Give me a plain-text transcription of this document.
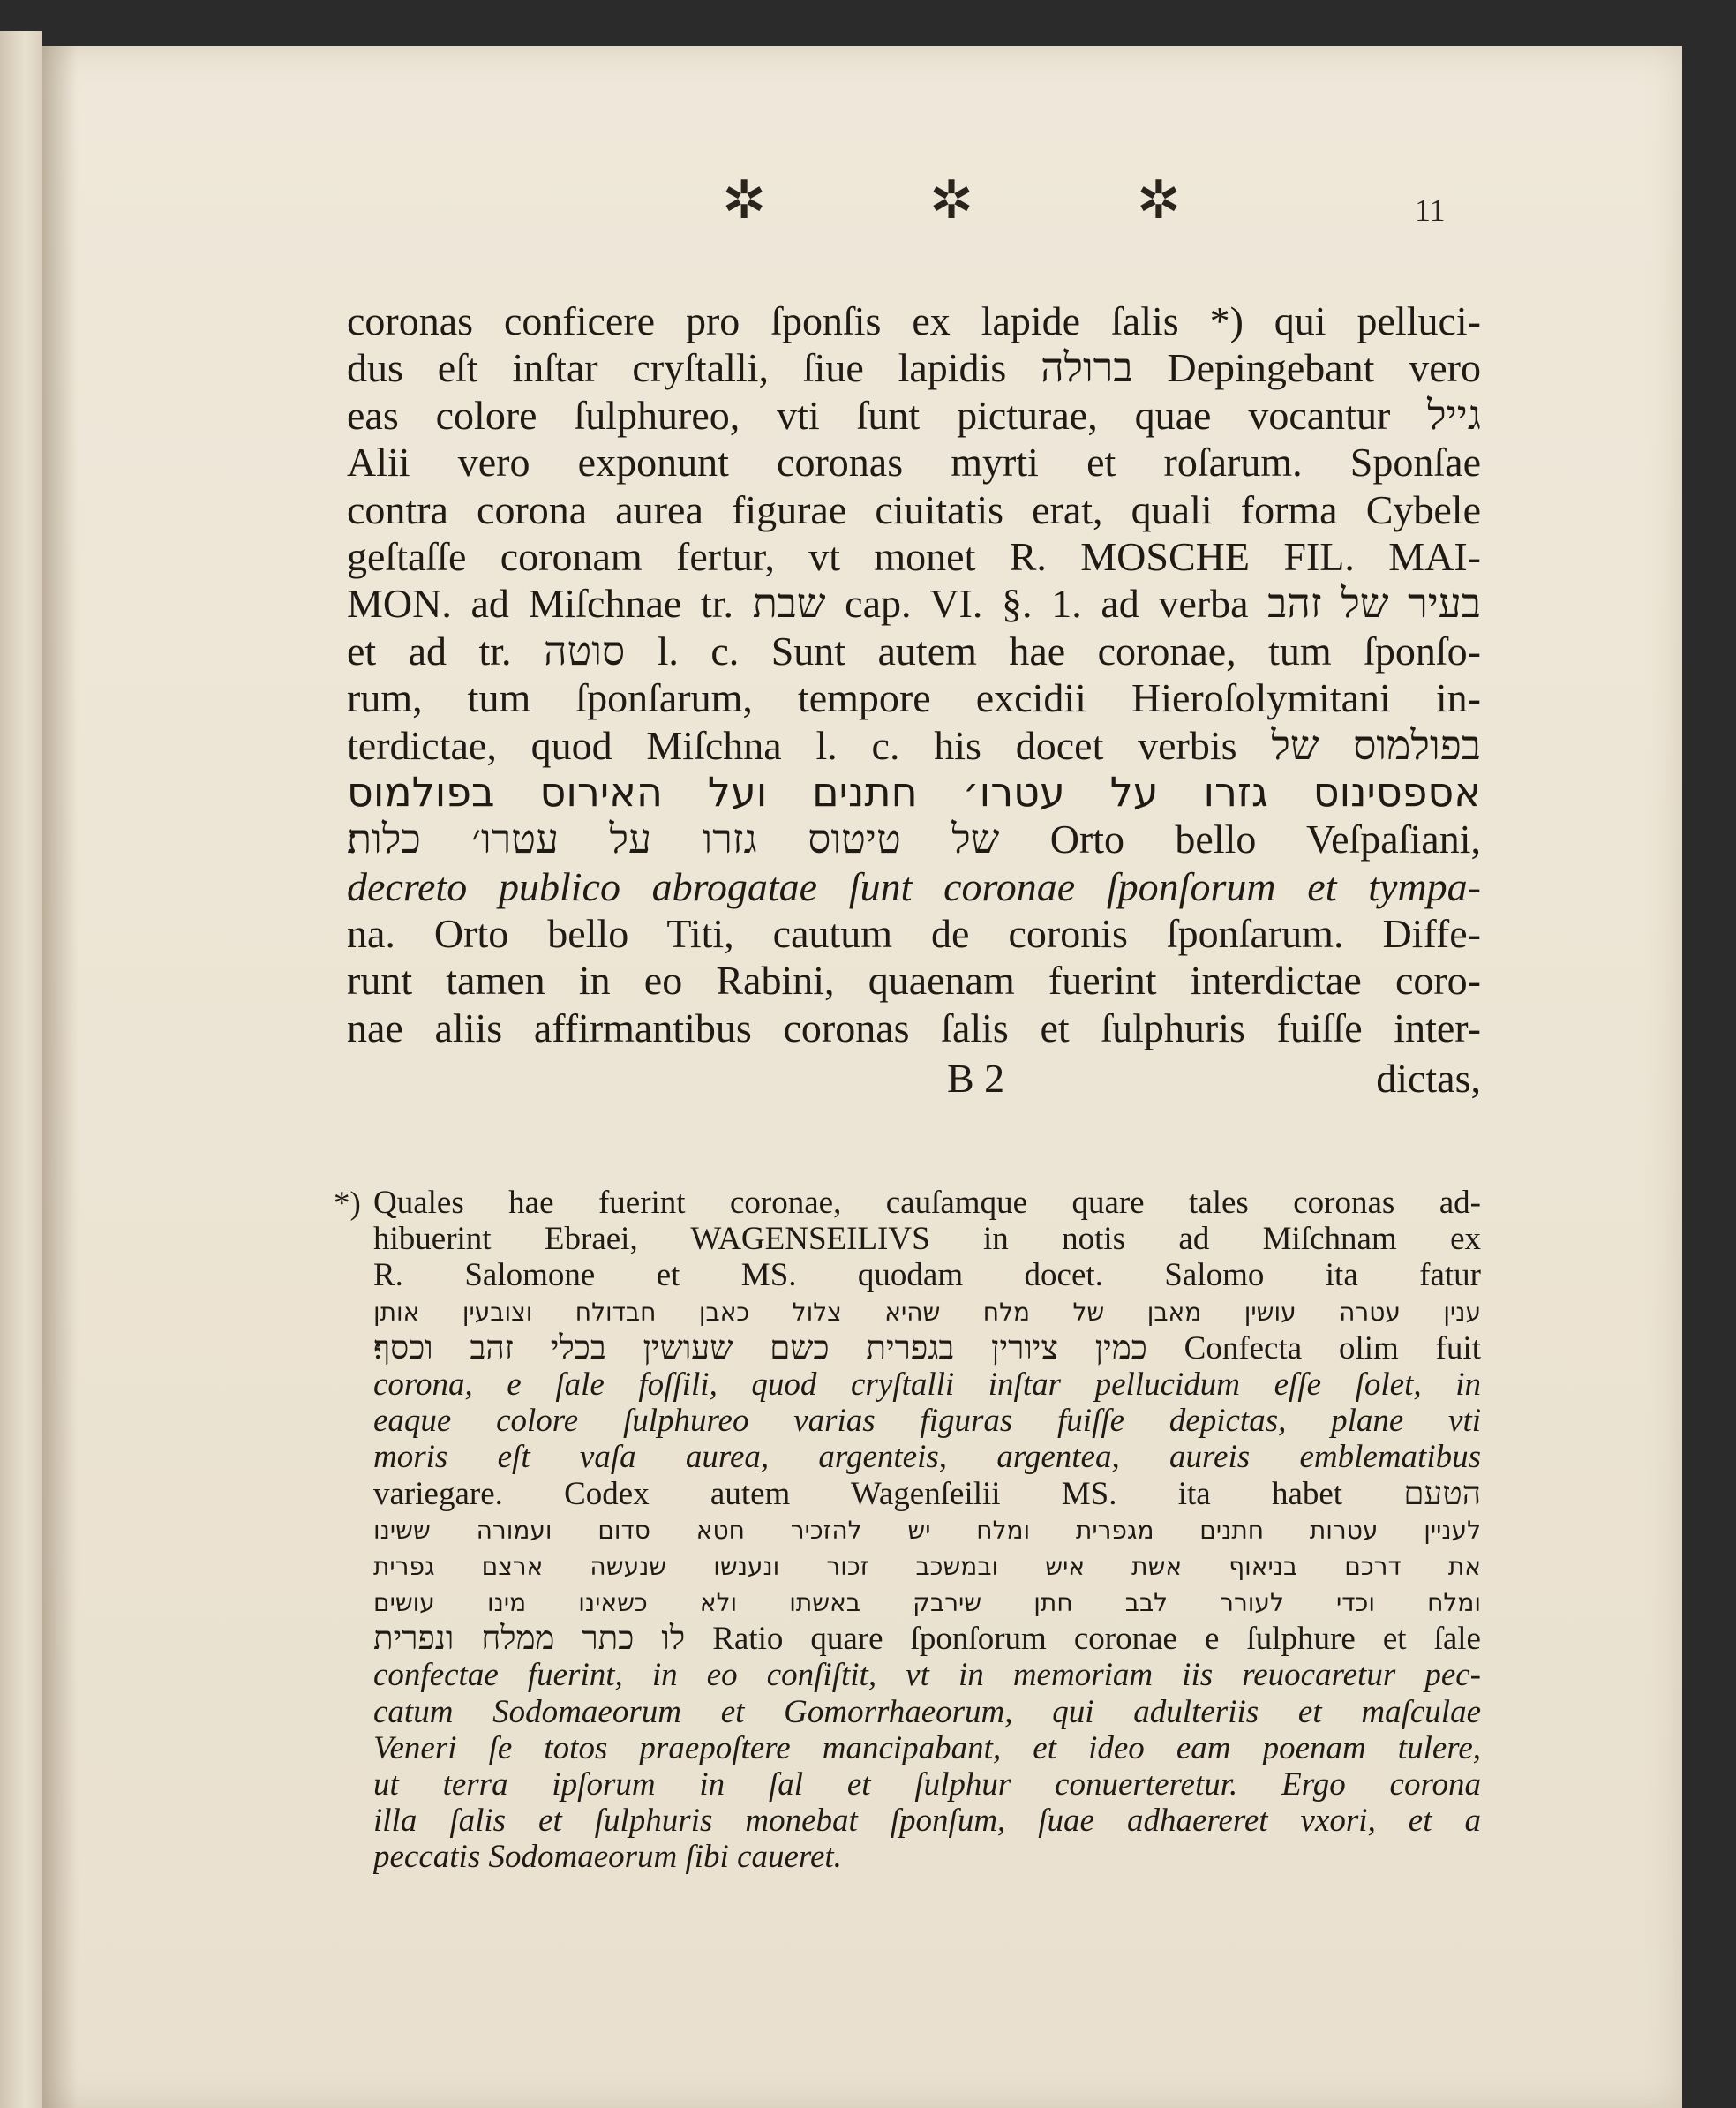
✲	✲	✲	11
coronas conficere pro ſponſis ex lapide ſalis *) qui pelluci-
dus eſt inſtar cryſtalli, ſiue lapidis ברולה Depingebant vero
eas colore ſulphureo, vti ſunt picturae, quae vocantur גייל
Alii vero exponunt coronas myrti et roſarum. Sponſae
contra corona aurea figurae ciuitatis erat, quali forma Cybele
geſtaſſe coronam fertur, vt monet R. MOSCHE FIL. MAI-
MON. ad Miſchnae tr. שבת cap. VI. §. 1. ad verba בעיר של זהב
et ad tr. סוטה l. c. Sunt autem hae coronae, tum ſponſo-
rum, tum ſponſarum, tempore excidii Hieroſolymitani in-
terdictae, quod Miſchna l. c. his docet verbis בפולמוס של
אספסינוס גזרו על עטרו׳ חתנים ועל האירוס בפולמוס
של טיטוס גזרו על עטרו׳ כלות׃ Orto bello Veſpaſiani,
decreto publico abrogatae ſunt coronae ſponſorum et tympa-
na. Orto bello Titi, cautum de coronis ſponſarum. Diffe-
runt tamen in eo Rabini, quaenam fuerint interdictae coro-
nae aliis affirmantibus coronas ſalis et ſulphuris fuiſſe inter-
B 2	dictas,
*) Quales hae fuerint coronae, cauſamque quare tales coronas ad-
hibuerint Ebraei, WAGENSEILIVS in notis ad Miſchnam ex
R. Salomone et MS. quodam docet. Salomo ita fatur
ענין עטרה עושין מאבן של מלח שהיא צלול כאבן חבדולח וצובעין אותן
כמין ציורין בגפרית כשם שעושין בכלי זהב וכסף׃ Confecta olim fuit
corona, e ſale foſſili, quod cryſtalli inſtar pellucidum eſſe ſolet, in
eaque colore ſulphureo varias figuras fuiſſe depictas, plane vti
moris eſt vaſa aurea, argenteis, argentea, aureis emblematibus
variegare. Codex autem Wagenſeilii MS. ita habet הטעם
לעניין עטרות חתנים מגפרית ומלח יש להזכיר חטא סדום ועמורה ששינו
את דרכם בניאוף אשת איש ובמשכב זכור ונענשו שנעשה ארצם גפרית
ומלח וכדי לעורר לבב חתן שירבק באשתו ולא כשאינו מינו עושים
לו כתר ממלח ונפרית Ratio quare ſponſorum coronae e ſulphure et ſale
confectae fuerint, in eo conſiſtit, vt in memoriam iis reuocaretur pec-
catum Sodomaeorum et Gomorrhaeorum, qui adulteriis et maſculae
Veneri ſe totos praepoſtere mancipabant, et ideo eam poenam tulere,
ut terra ipſorum in ſal et ſulphur conuerteretur. Ergo corona
illa ſalis et ſulphuris monebat ſponſum, ſuae adhaereret vxori, et a
peccatis Sodomaeorum ſibi caueret.
